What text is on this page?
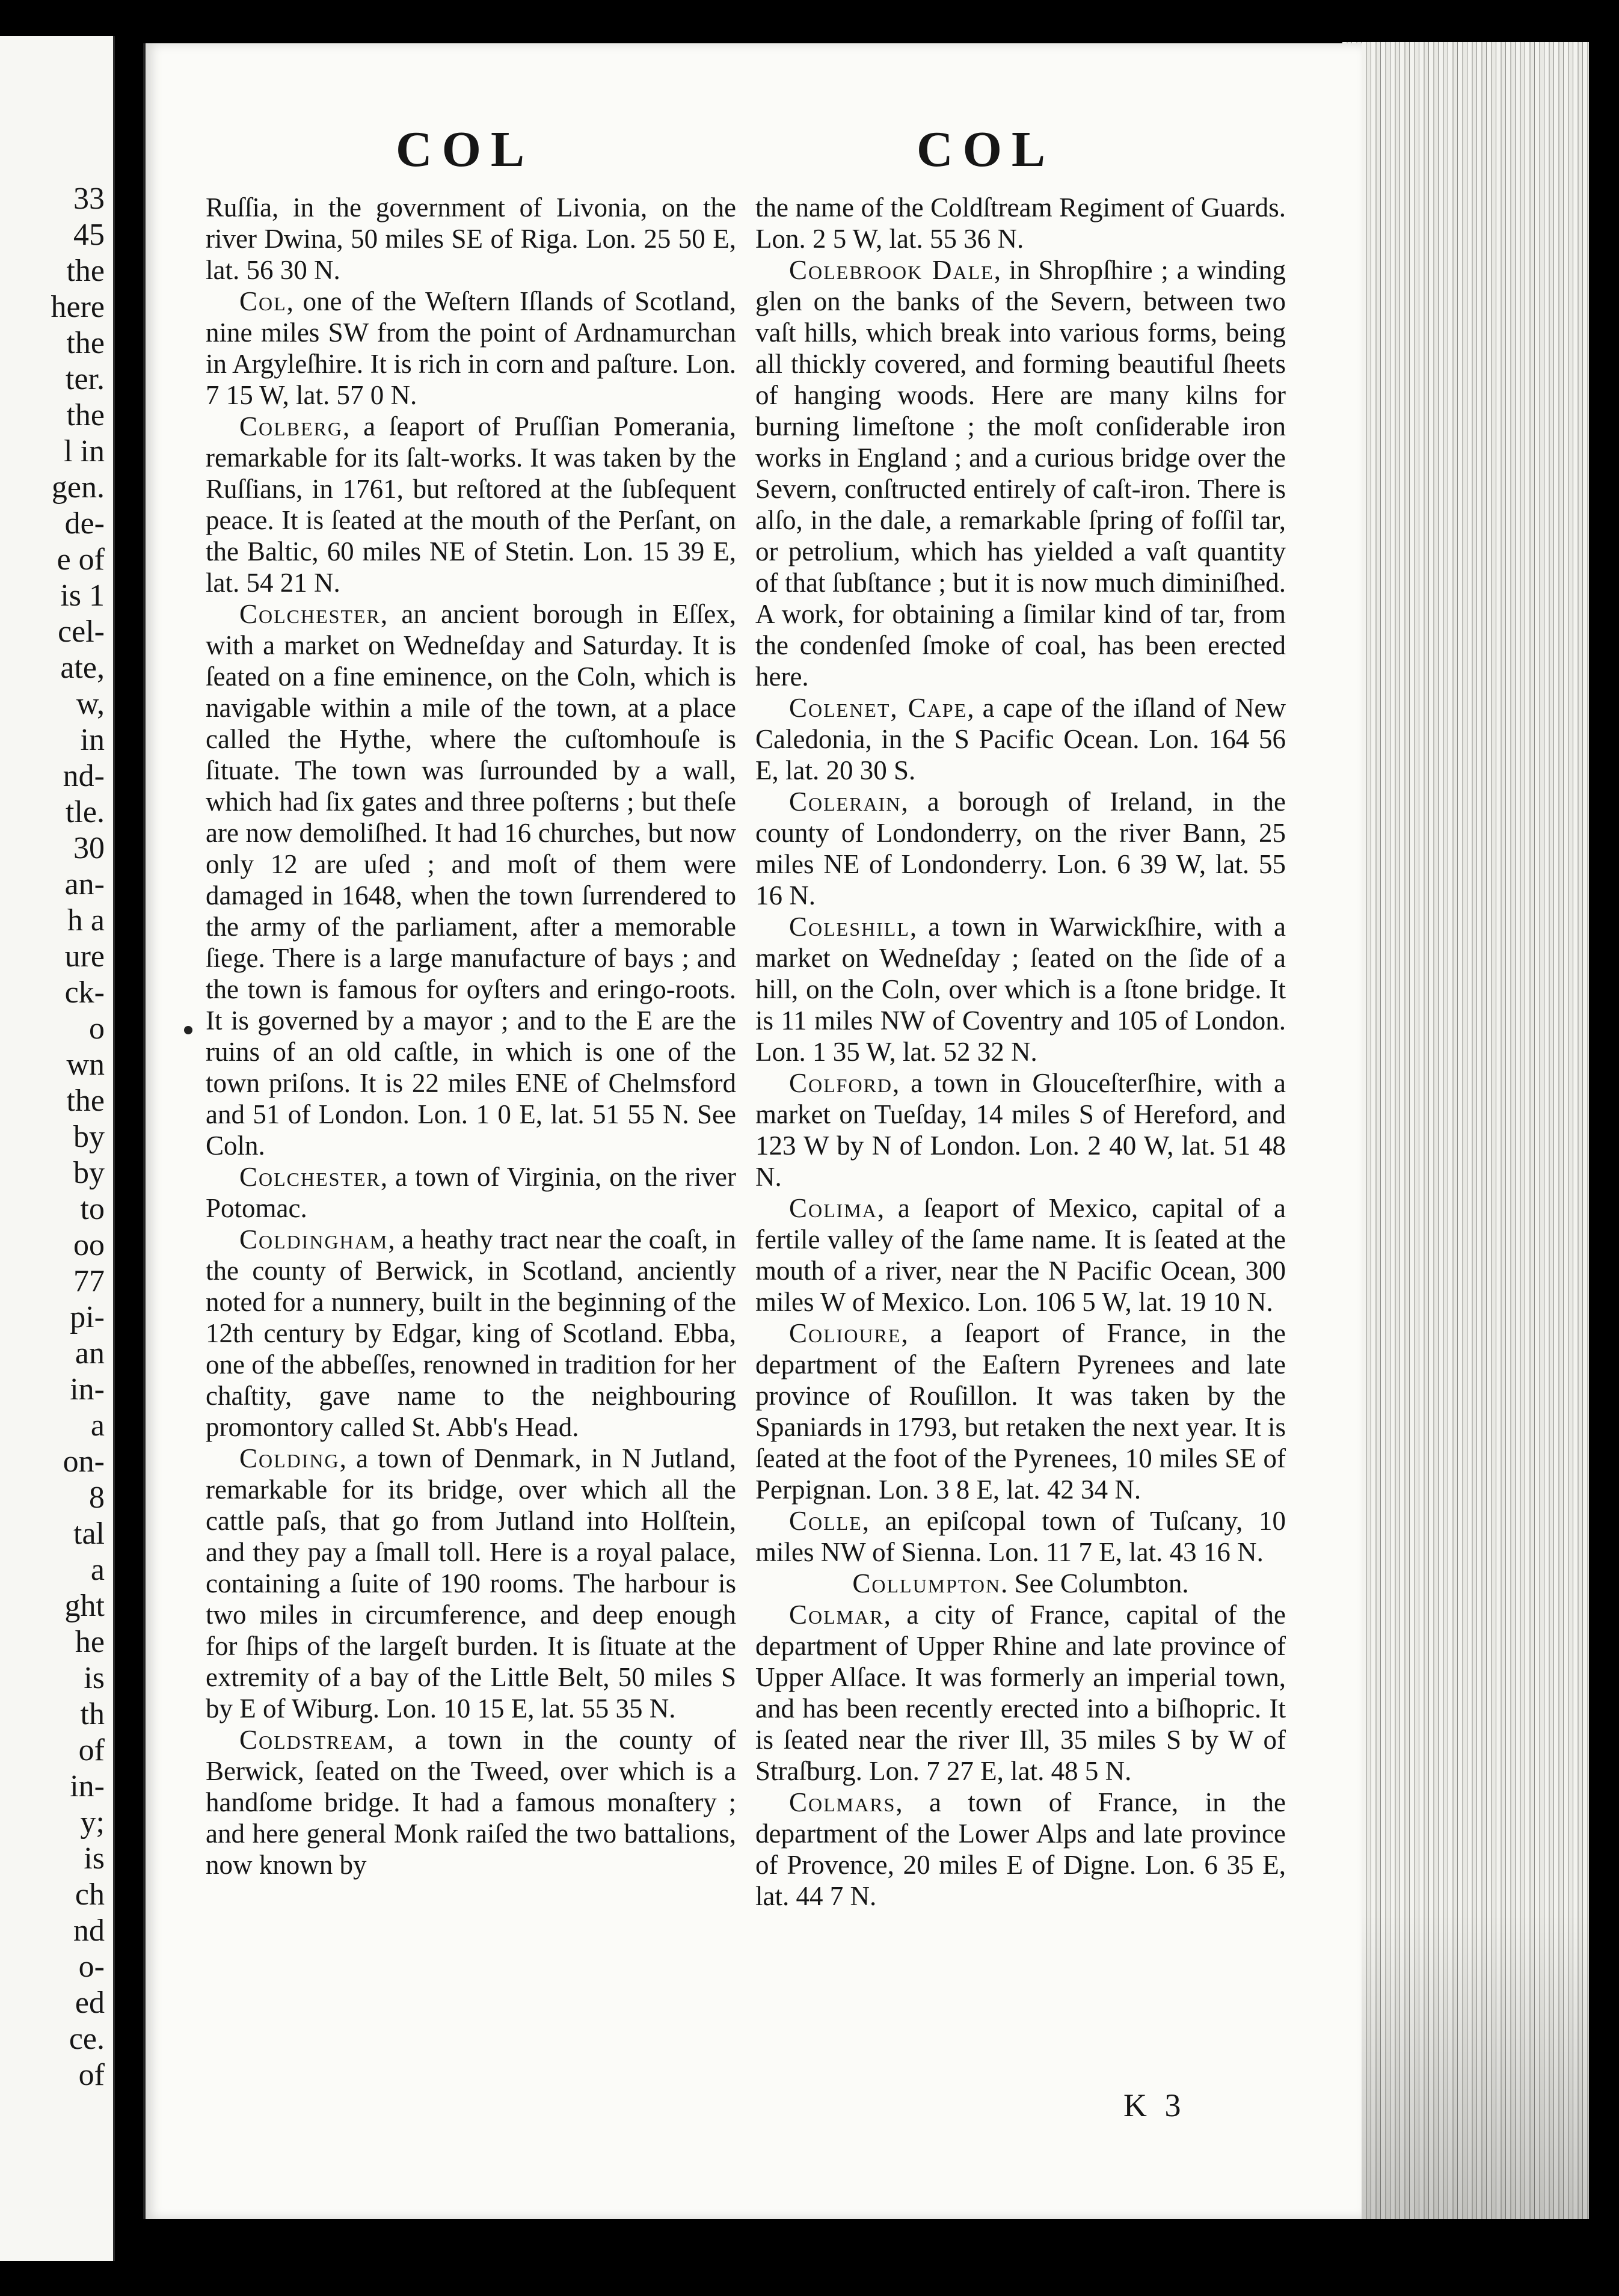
33
45
the
here
the
ter.
the
l in
gen.
de-
e of
is 1
cel-
ate,
w,
in
nd-
tle.
30
an-
h a
ure
ck-
o
wn
the
by
by
to
oo
77
pi-
an
in-
a
on-
8
tal
a
ght
he
is
th
of
in-
y;
is
ch
nd
o-
ed
ce.
of
COL	COL

Ruſſia, in the government of Livonia, on the river Dwina, 50 miles SE of Riga. Lon. 25 50 E, lat. 56 30 N.

Col, one of the Weſtern Iſlands of Scotland, nine miles SW from the point of Ardnamurchan in Argyleſhire. It is rich in corn and paſture. Lon. 7 15 W, lat. 57 0 N.

Colberg, a ſeaport of Pruſſian Pomerania, remarkable for its ſalt-works. It was taken by the Ruſſians, in 1761, but reſtored at the ſubſequent peace. It is ſeated at the mouth of the Perſant, on the Baltic, 60 miles NE of Stetin. Lon. 15 39 E, lat. 54 21 N.

Colchester, an ancient borough in Eſſex, with a market on Wedneſday and Saturday. It is ſeated on a fine eminence, on the Coln, which is navigable within a mile of the town, at a place called the Hythe, where the cuſtomhouſe is ſituate. The town was ſurrounded by a wall, which had ſix gates and three poſterns ; but theſe are now demoliſhed. It had 16 churches, but now only 12 are uſed ; and moſt of them were damaged in 1648, when the town ſurrendered to the army of the parliament, after a memorable ſiege. There is a large manufacture of bays ; and the town is famous for oyſters and eringo-roots. It is governed by a mayor ; and to the E are the ruins of an old caſtle, in which is one of the town priſons. It is 22 miles ENE of Chelmsford and 51 of London. Lon. 1 0 E, lat. 51 55 N. See Coln.

Colchester, a town of Virginia, on the river Potomac.

Coldingham, a heathy tract near the coaſt, in the county of Berwick, in Scotland, anciently noted for a nunnery, built in the beginning of the 12th century by Edgar, king of Scotland. Ebba, one of the abbeſſes, renowned in tradition for her chaſtity, gave name to the neighbouring promontory called St. Abb's Head.

Colding, a town of Denmark, in N Jutland, remarkable for its bridge, over which all the cattle paſs, that go from Jutland into Holſtein, and they pay a ſmall toll. Here is a royal palace, containing a ſuite of 190 rooms. The harbour is two miles in circumference, and deep enough for ſhips of the largeſt burden. It is ſituate at the extremity of a bay of the Little Belt, 50 miles S by E of Wiburg. Lon. 10 15 E, lat. 55 35 N.

Coldstream, a town in the county of Berwick, ſeated on the Tweed, over which is a handſome bridge. It had a famous monaſtery ; and here general Monk raiſed the two battalions, now known by

the name of the Coldſtream Regiment of Guards. Lon. 2 5 W, lat. 55 36 N.

Colebrook Dale, in Shropſhire ; a winding glen on the banks of the Severn, between two vaſt hills, which break into various forms, being all thickly covered, and forming beautiful ſheets of hanging woods. Here are many kilns for burning limeſtone ; the moſt conſiderable iron works in England ; and a curious bridge over the Severn, conſtructed entirely of caſt-iron. There is alſo, in the dale, a remarkable ſpring of foſſil tar, or petrolium, which has yielded a vaſt quantity of that ſubſtance ; but it is now much diminiſhed. A work, for obtaining a ſimilar kind of tar, from the condenſed ſmoke of coal, has been erected here.

Colenet, Cape, a cape of the iſland of New Caledonia, in the S Pacific Ocean. Lon. 164 56 E, lat. 20 30 S.

Colerain, a borough of Ireland, in the county of Londonderry, on the river Bann, 25 miles NE of Londonderry. Lon. 6 39 W, lat. 55 16 N.

Coleshill, a town in Warwickſhire, with a market on Wedneſday ; ſeated on the ſide of a hill, on the Coln, over which is a ſtone bridge. It is 11 miles NW of Coventry and 105 of London. Lon. 1 35 W, lat. 52 32 N.

Colford, a town in Glouceſterſhire, with a market on Tueſday, 14 miles S of Hereford, and 123 W by N of London. Lon. 2 40 W, lat. 51 48 N.

Colima, a ſeaport of Mexico, capital of a fertile valley of the ſame name. It is ſeated at the mouth of a river, near the N Pacific Ocean, 300 miles W of Mexico. Lon. 106 5 W, lat. 19 10 N.

Colioure, a ſeaport of France, in the department of the Eaſtern Pyrenees and late province of Rouſillon. It was taken by the Spaniards in 1793, but retaken the next year. It is ſeated at the foot of the Pyrenees, 10 miles SE of Perpignan. Lon. 3 8 E, lat. 42 34 N.

Colle, an epiſcopal town of Tuſcany, 10 miles NW of Sienna. Lon. 11 7 E, lat. 43 16 N.

Collumpton. See Columbton.

Colmar, a city of France, capital of the department of Upper Rhine and late province of Upper Alſace. It was formerly an imperial town, and has been recently erected into a biſhopric. It is ſeated near the river Ill, 35 miles S by W of Straſburg. Lon. 7 27 E, lat. 48 5 N.

Colmars, a town of France, in the department of the Lower Alps and late province of Provence, 20 miles E of Digne. Lon. 6 35 E, lat. 44 7 N.

K 3
